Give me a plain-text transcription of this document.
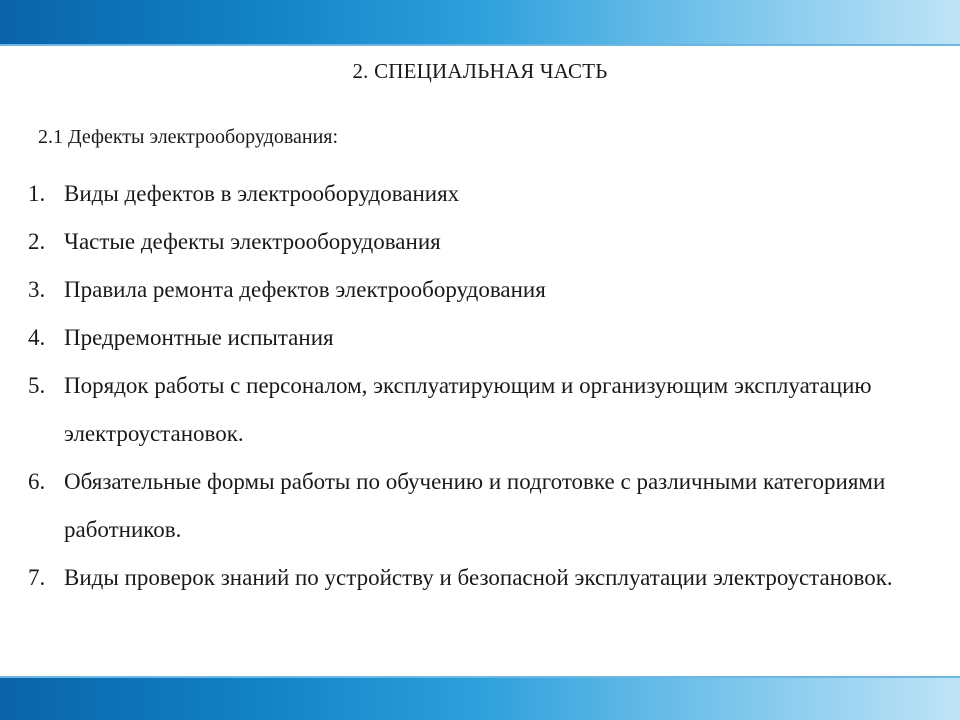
2. СПЕЦИАЛЬНАЯ ЧАСТЬ
2.1 Дефекты электрооборудования:
1. Виды дефектов в электрооборудованиях
2. Частые дефекты электрооборудования
3. Правила ремонта дефектов электрооборудования
4. Предремонтные испытания
5. Порядок работы с персоналом, эксплуатирующим и организующим эксплуатацию электроустановок.
6. Обязательные формы работы по обучению и подготовке с различными категориями работников.
7. Виды проверок знаний по устройству и безопасной эксплуатации электроустановок.
